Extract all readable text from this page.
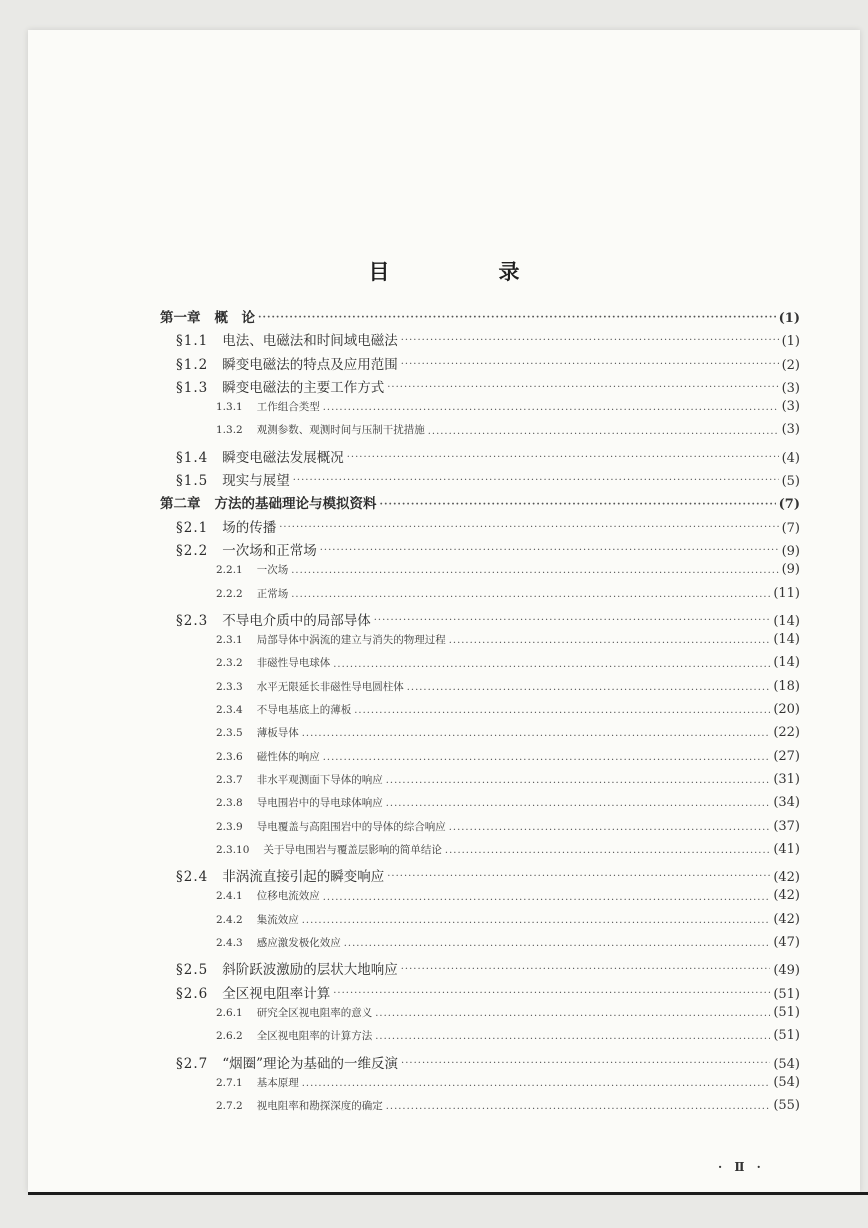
目　录
第一章 概　论 ·····	(1)
§1.1 电法、电磁法和时间域电磁法 ·····	(1)
§1.2 瞬变电磁法的特点及应用范围 ·····	(2)
§1.3 瞬变电磁法的主要工作方式 ·····	(3)
1.3.1 工作组合类型 ·····	(3)
1.3.2 观测参数、观测时间与压制干扰措施 ·····	(3)
§1.4 瞬变电磁法发展概况 ·····	(4)
§1.5 现实与展望 ·····	(5)
第二章 方法的基础理论与模拟资料 ·····	(7)
§2.1 场的传播 ·····	(7)
§2.2 一次场和正常场 ·····	(9)
2.2.1 一次场 ·····	(9)
2.2.2 正常场 ·····	(11)
§2.3 不导电介质中的局部导体 ·····	(14)
2.3.1 局部导体中涡流的建立与消失的物理过程 ·····	(14)
2.3.2 非磁性导电球体 ·····	(14)
2.3.3 水平无限延长非磁性导电圆柱体 ·····	(18)
2.3.4 不导电基底上的薄板 ·····	(20)
2.3.5 薄板导体 ·····	(22)
2.3.6 磁性体的响应 ·····	(27)
2.3.7 非水平观测面下导体的响应 ·····	(31)
2.3.8 导电围岩中的导电球体响应 ·····	(34)
2.3.9 导电覆盖与高阻围岩中的导体的综合响应 ·····	(37)
2.3.10 关于导电围岩与覆盖层影响的简单结论 ·····	(41)
§2.4 非涡流直接引起的瞬变响应 ·····	(42)
2.4.1 位移电流效应 ·····	(42)
2.4.2 集流效应 ·····	(42)
2.4.3 感应激发极化效应 ·····	(47)
§2.5 斜阶跃波激励的层状大地响应 ·····	(49)
§2.6 全区视电阻率计算 ·····	(51)
2.6.1 研究全区视电阻率的意义 ·····	(51)
2.6.2 全区视电阻率的计算方法 ·····	(51)
§2.7 “烟圈”理论为基础的一维反演 ·····	(54)
2.7.1 基本原理 ·····	(54)
2.7.2 视电阻率和勘探深度的确定 ·····	(55)
· Ⅱ ·
